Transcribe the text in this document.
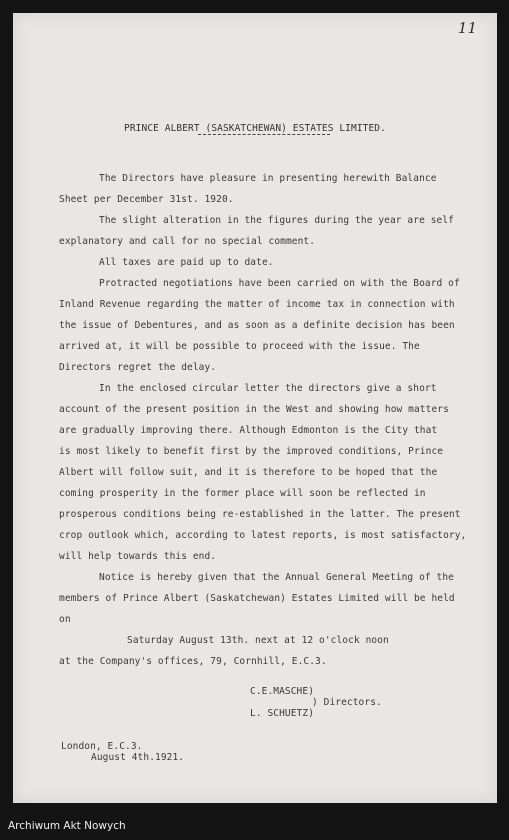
11
PRINCE ALBERT (SASKATCHEWAN) ESTATES LIMITED.
The Directors have pleasure in presenting herewith Balance
Sheet per December 31st. 1920.
The slight alteration in the figures during the year are self
explanatory and call for no special comment.
All taxes are paid up to date.
Protracted negotiations have been carried on with the Board of
Inland Revenue regarding the matter of income tax in connection with
the issue of Debentures, and as soon as a definite decision has been
arrived at, it will be possible to proceed with the issue. The
Directors regret the delay.
In the enclosed circular letter the directors give a short
account of the present position in the West and showing how matters
are gradually improving there. Although Edmonton is the City that
is most likely to benefit first by the improved conditions, Prince
Albert will follow suit, and it is therefore to be hoped that the
coming prosperity in the former place will soon be reflected in
prosperous conditions being re-established in the latter. The present
crop outlook which, according to latest reports, is most satisfactory,
will help towards this end.
Notice is hereby given that the Annual General Meeting of the
members of Prince Albert (Saskatchewan) Estates Limited will be held
on
Saturday August 13th. next at 12 o'clock noon
at the Company's offices, 79, Cornhill, E.C.3.
C.E.MASCHE)
) Directors.
L. SCHUETZ)
London, E.C.3.
August 4th.1921.
Archiwum Akt Nowych
